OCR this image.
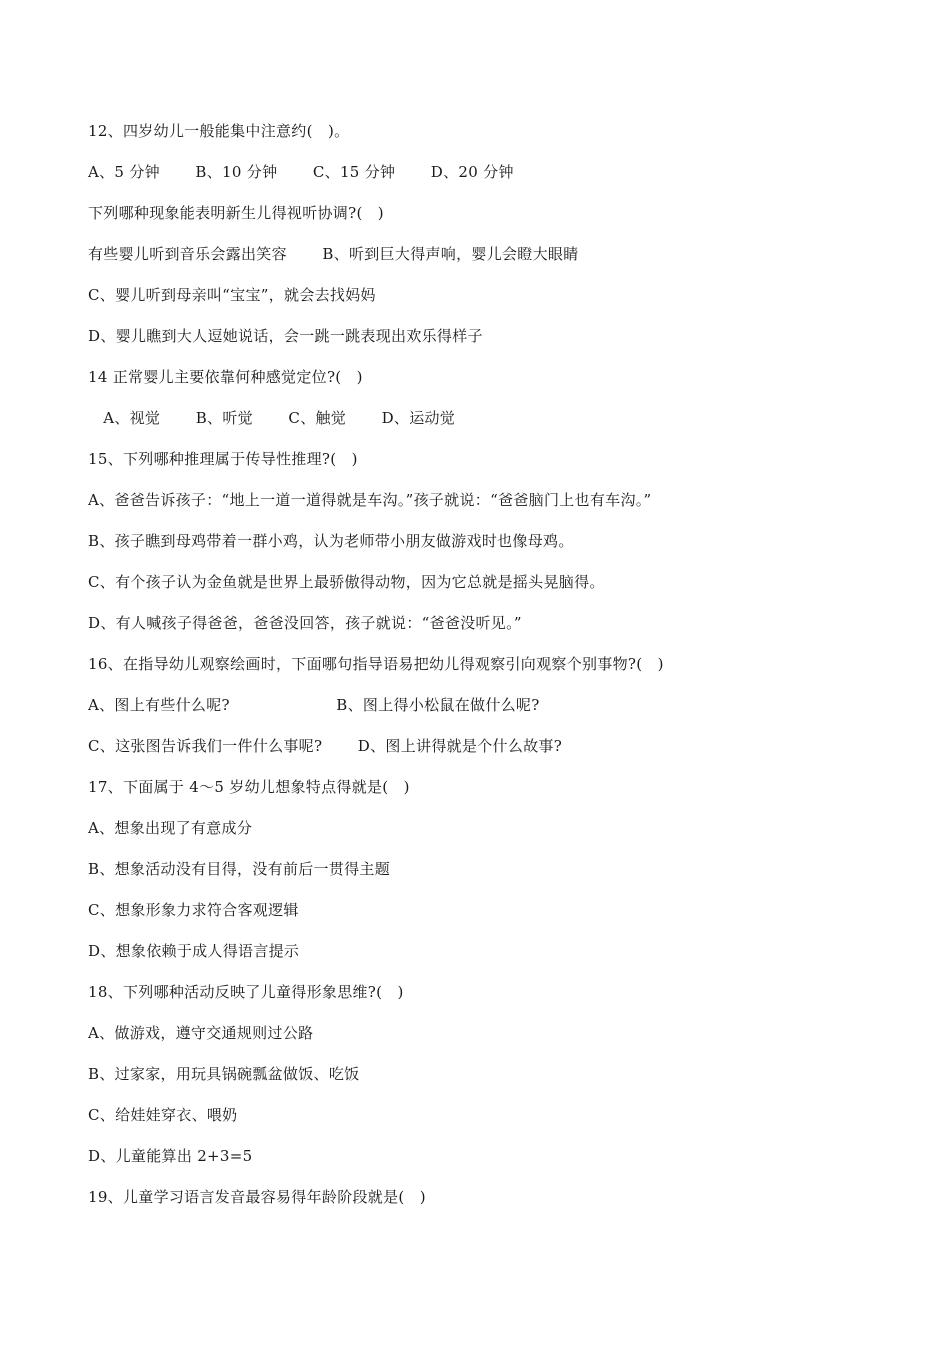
12、四岁幼儿一般能集中注意约(   )。
A、5 分钟       B、10 分钟       C、15 分钟       D、20 分钟
下列哪种现象能表明新生儿得视听协调?(   )
有些婴儿听到音乐会露出笑容       B、听到巨大得声响，婴儿会瞪大眼睛
C、婴儿听到母亲叫“宝宝”，就会去找妈妈
D、婴儿瞧到大人逗她说话，会一跳一跳表现出欢乐得样子
14 正常婴儿主要依靠何种感觉定位?(   )
A、视觉       B、听觉       C、触觉       D、运动觉
15、下列哪种推理属于传导性推理?(   )
A、爸爸告诉孩子：“地上一道一道得就是车沟。”孩子就说：“爸爸脑门上也有车沟。”
B、孩子瞧到母鸡带着一群小鸡，认为老师带小朋友做游戏时也像母鸡。
C、有个孩子认为金鱼就是世界上最骄傲得动物，因为它总就是摇头晃脑得。
D、有人喊孩子得爸爸，爸爸没回答，孩子就说：“爸爸没听见。”
16、在指导幼儿观察绘画时，下面哪句指导语易把幼儿得观察引向观察个别事物?(   )
A、图上有些什么呢?                     B、图上得小松鼠在做什么呢?
C、这张图告诉我们一件什么事呢?       D、图上讲得就是个什么故事?
17、下面属于 4～5 岁幼儿想象特点得就是(   )
A、想象出现了有意成分
B、想象活动没有目得，没有前后一贯得主题
C、想象形象力求符合客观逻辑
D、想象依赖于成人得语言提示
18、下列哪种活动反映了儿童得形象思维?(   )
A、做游戏，遵守交通规则过公路
B、过家家，用玩具锅碗瓢盆做饭、吃饭
C、给娃娃穿衣、喂奶
D、儿童能算出 2+3=5
19、儿童学习语言发音最容易得年龄阶段就是(   )
